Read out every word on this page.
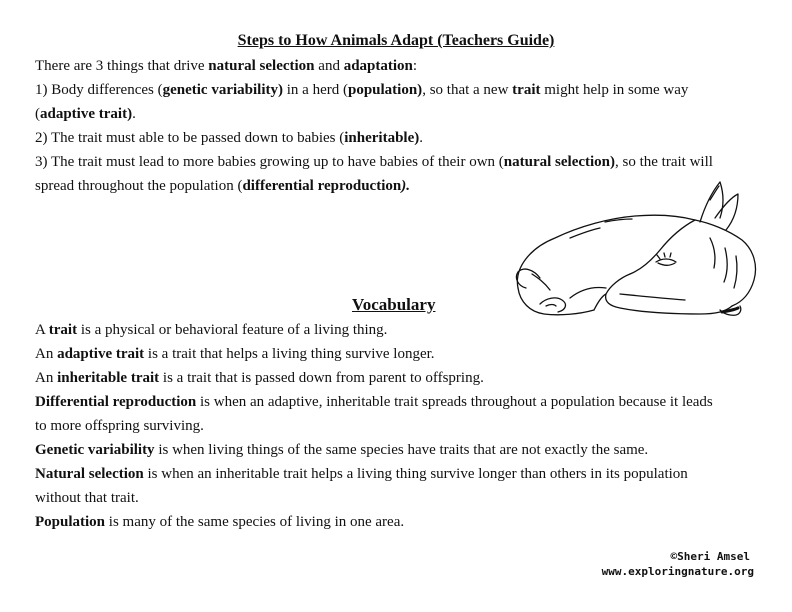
Steps to How Animals Adapt (Teachers Guide)
There are 3 things that drive natural selection and adaptation:
1) Body differences (genetic variability) in a herd (population), so that a new trait might help in some way
(adaptive trait).
2) The trait must able to be passed down to babies (inheritable).
3) The trait must lead to more babies growing up to have babies of their own (natural selection), so the trait will
spread throughout the population (differential reproduction).
Vocabulary
A trait is a physical or behavioral feature of a living thing.
An adaptive trait is a trait that helps a living thing survive longer.
An inheritable trait is a trait that is passed down from parent to offspring.
Differential reproduction is when an adaptive, inheritable trait spreads throughout a population because it leads
to more offspring surviving.
Genetic variability is when living things of the same species have traits that are not exactly the same.
Natural selection is when an inheritable trait helps a living thing survive longer than others in its population
without that trait.
Population is many of the same species of living in one area.
©Sheri Amsel
www.exploringnature.org
